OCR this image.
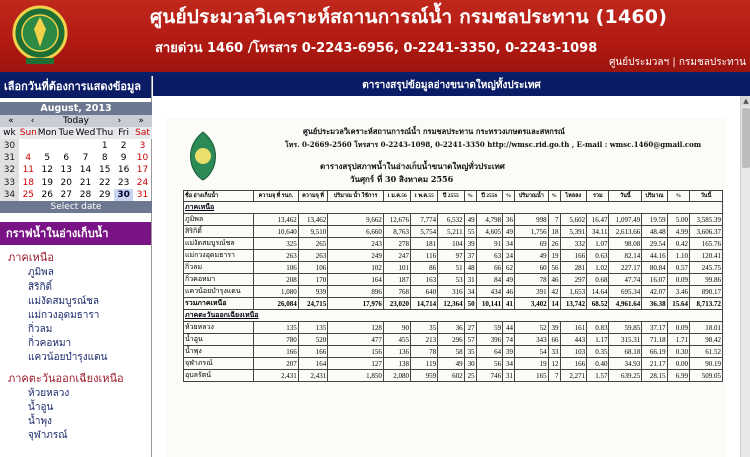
ศูนย์ประมวลวิเคราะห์สถานการณ์น้ำ กรมชลประทาน (1460)
สายด่วน 1460 /โทรสาร 0-2243-6956, 0-2241-3350, 0-2243-1098
ศูนย์ประมวลฯ | กรมชลประทาน
เลือกวันที่ต้องการแสดงข้อมูล
August, 2013
«	‹	Today	›	»
wk	Sun	Mon	Tue	Wed	Thu	Fri	Sat
30					1	2	3
31	4	5	6	7	8	9	10
32	11	12	13	14	15	16	17
33	18	19	20	21	22	23	24
34	25	26	27	28	29	30	31
Select date
กราฟน้ำในอ่างเก็บน้ำ
ภาคเหนือ
ภูมิพล
สิริกิติ์
แม่งัดสมบูรณ์ชล
แม่กวงอุดมธารา
กิ่วลม
กิ่วคอหมา
แควน้อยบำรุงแดน
ภาคตะวันออกเฉียงเหนือ
ห้วยหลวง
น้ำอูน
น้ำพุง
จุฬาภรณ์
ตารางสรุปข้อมูลอ่างขนาดใหญ่ทั้งประเทศ
ศูนย์ประมวลวิเคราะห์สถานการณ์น้ำ กรมชลประทาน กระทรวงเกษตรและสหกรณ์
โทร. 0-2669-2560 โทรสาร 0-2243-1098, 0-2241-3350 http://wmsc.rid.go.th , E-mail : wmsc.1460@gmail.com
ตารางสรุปสภาพน้ำในอ่างเก็บน้ำขนาดใหญ่ทั่วประเทศ
วันศุกร์ ที่ 30 สิงหาคม 2556
ชื่อ อ่างเก็บน้ำ	ความจุ ที่ รนก.	ความจุ ที่	ปริมาณ น้ำ ใช้การ	1 ม.ค.56	1 พ.ค.55	ปี 2555	%	ปี 2556	%	ปริมาณน้ำ	%	ไหลลง	รวม	วันนี้	ปริมาณ	%	วันนี้
ภาคเหนือ																	
ภูมิพล	13,462	13,462	9,662	12,676	7,774	6,532	49	4,798	36	998	7	5,602	16.47	1,097.49	19.59	5.00	3,585.39
สิริกิติ์	10,640	9,510	6,660	8,763	5,754	5,211	55	4,605	49	1,756	18	5,391	34.11	2,613.66	48.48	4.99	3,606.37
แม่งัดสมบูรณ์ชล	325	265	243	278	181	104	39	91	34	69	26	332	1.07	98.08	29.54	0.42	165.76
แม่กวงอุดมธารา	263	263	249	247	116	97	37	63	24	49	19	166	0.63	82.14	44.16	1.10	120.41
กิ่วลม	106	106	102	101	86	51	48	66	62	60	56	281	1.02	227.17	80.84	0.57	245.75
กิ่วคอหมา	208	170	164	187	163	53	31	84	49	78	46	297	0.68	47.74	16.07	0.09	99.86
แควน้อยบำรุงแดน	1,080	939	896	768	640	316	34	434	46	391	42	1,653	14.64	695.34	42.07	3.46	890.17
รวมภาคเหนือ	26,084	24,715	17,976	23,020	14,714	12,364	50	10,141	41	3,402	14	13,742	68.52	4,961.64	36.38	15.64	8,713.72
ภาคตะวันออกเฉียงเหนือ																	
ห้วยหลวง	135	135	128	90	35	36	27	59	44	52	39	161	0.83	59.85	37.17	0.09	18.01
น้ำอูน	780	520	477	455	213	296	57	396	74	343	66	443	1.17	315.31	71.18	1.71	98.42
น้ำพุง	166	166	156	136	78	58	35	64	39	54	33	103	0.35	68.18	66.19	0.30	61.52
จุฬาภรณ์	207	164	127	138	119	49	30	56	34	19	12	166	0.40	34.93	21.17	0.00	90.19
อุบลรัตน์	2,431	2,431	1,850	2,080	959	602	25	746	31	165	7	2,271	1.57	639.25	28.15	6.99	509.05
▲
